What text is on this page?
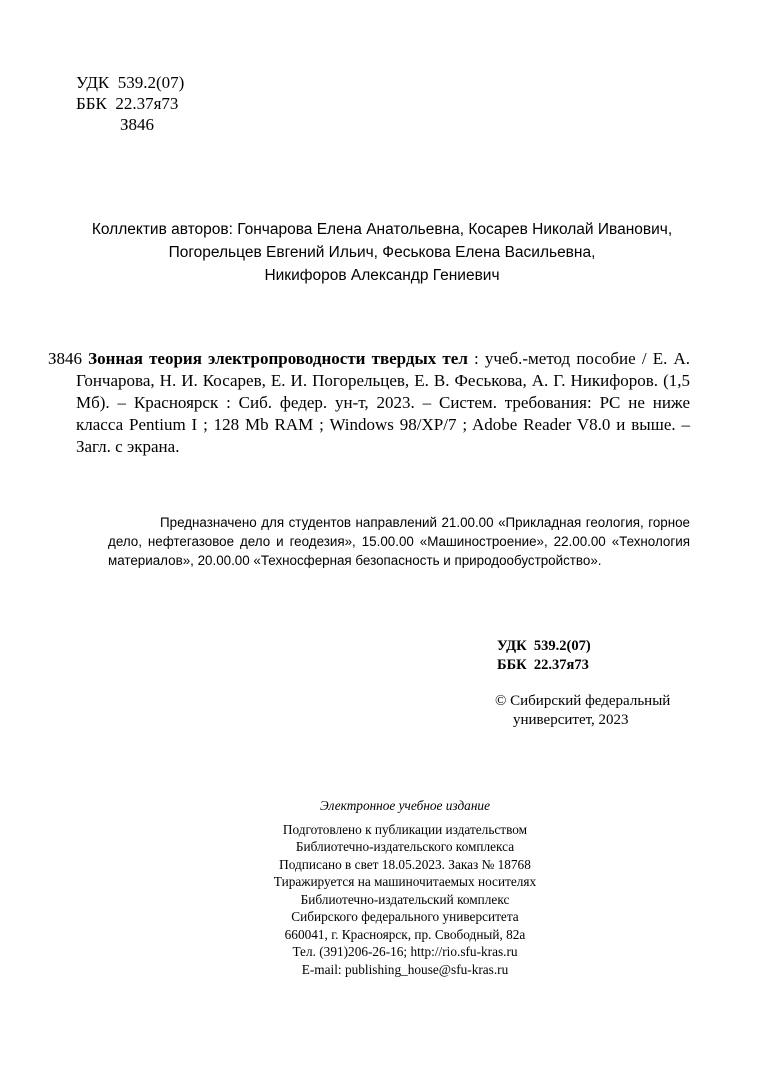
УДК  539.2(07)
ББК  22.37я73
З846
Коллектив авторов: Гончарова Елена Анатольевна, Косарев Николай Иванович,
Погорельцев Евгений Ильич, Феськова Елена Васильевна,
Никифоров Александр Гениевич
З846 Зонная теория электропроводности твердых тел : учеб.-метод пособие / Е. А. Гончарова, Н. И. Косарев, Е. И. Погорельцев, Е. В. Феськова, А. Г. Никифоров. (1,5 Мб). – Красноярск : Сиб. федер. ун-т, 2023. – Систем. требования: PC не ниже класса Pentium I ; 128 Mb RAM ; Windows 98/XP/7 ; Adobe Reader V8.0 и выше. – Загл. с экрана.
Предназначено для студентов направлений 21.00.00 «Прикладная геология, горное дело, нефтегазовое дело и геодезия», 15.00.00 «Машиностроение», 22.00.00 «Технология материалов», 20.00.00 «Техносферная безопасность и природообустройство».
УДК  539.2(07)
ББК  22.37я73
© Сибирский федеральный
университет, 2023
Электронное учебное издание
Подготовлено к публикации издательством
Библиотечно-издательского комплекса
Подписано в свет 18.05.2023. Заказ № 18768
Тиражируется на машиночитаемых носителях
Библиотечно-издательский комплекс
Сибирского федерального университета
660041, г. Красноярск, пр. Свободный, 82а
Тел. (391)206-26-16; http://rio.sfu-kras.ru
E-mail: publishing_house@sfu-kras.ru
